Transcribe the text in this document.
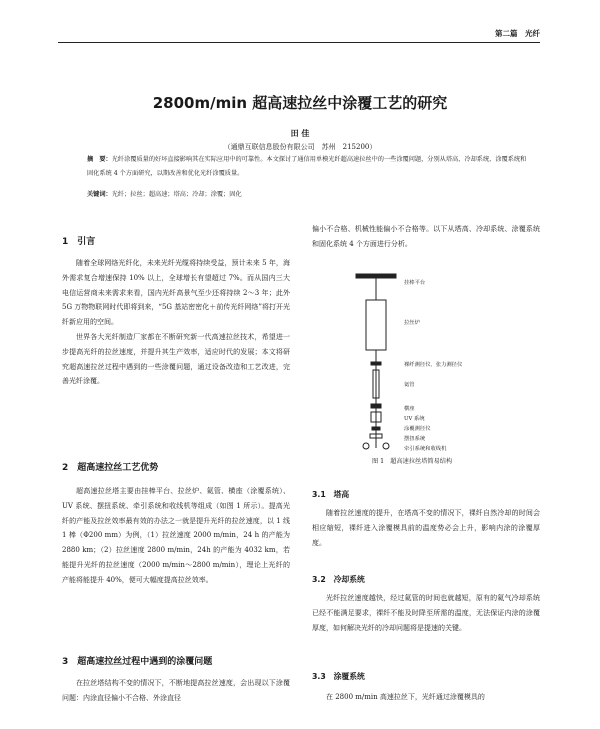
第二篇　光纤
2800m/min 超高速拉丝中涂覆工艺的研究
田 佳
（通鼎互联信息股份有限公司　苏州　215200）
摘　要：光纤涂覆质量的好坏直接影响其在实际应用中的可靠性。本文探讨了通信用单模光纤超高速拉丝中的一些涂覆问题，分别从塔高、冷却系统、涂覆系统和固化系统 4 个方面研究，以期改善和优化光纤涂覆质量。
关键词：光纤；拉丝；超高速；塔高；冷却；涂覆；固化
1　引言

随着全球网络光纤化，未来光纤光缆将持续受益，预计未来 5 年，海外需求复合增速保持 10% 以上，全球增长有望超过 7%。而从国内三大电信运营商未来需求来看，国内光纤高景气至少还将持续 2～3 年；此外 5G 万物物联网时代即将到来，“5G 基站密密化＋前传光纤网络”将打开光纤新应用的空间。

世界各大光纤制造厂家都在不断研究新一代高速拉丝技术，希望进一步提高光纤的拉丝速度，并提升其生产效率，适应时代的发展；本文将研究超高速拉丝过程中遇到的一些涂覆问题，通过设备改造和工艺改进，完善光纤涂覆。

2　超高速拉丝工艺优势

超高速拉丝塔主要由挂棒平台、拉丝炉、氦管、横座（涂覆系统）、UV 系统、摆扭系统、牵引系统和收线机等组成（如图 1 所示）。提高光纤的产能及拉丝效率最有效的办法之一就是提升光纤的拉丝速度，以 1 线 1 棒（Φ200 mm）为例，（1）拉丝速度 2000 m/min，24 h 的产能为 2880 km；（2）拉丝速度 2800 m/min，24h 的产能为 4032 km，若能提升光纤的拉丝速度（2000 m/min～2800 m/min），理论上光纤的产能将能提升 40%，便可大幅度提高拉丝效率。

3　超高速拉丝过程中遇到的涂覆问题

在拉丝塔结构不变的情况下，不断地提高拉丝速度，会出现以下涂覆问题：内涂直径偏小不合格、外涂直径

偏小不合格、机械性能偏小不合格等。以下从塔高、冷却系统、涂覆系统和固化系统 4 个方面进行分析。

挂棒平台
拉丝炉
裸纤测径仪、张力测径仪
氦管
横座
UV 系统
涂覆测径仪
摆扭系统
牵引系统和收线机
图 1　超高速拉丝塔简易结构
3.1　塔高

随着拉丝速度的提升，在塔高不变的情况下，裸纤自然冷却的时间会相应缩短，裸纤进入涂覆模具前的温度势必会上升，影响内涂的涂覆厚度。

3.2　冷却系统

光纤拉丝速度越快，经过氦管的时间也就越短，原有的氦气冷却系统已经不能满足要求，裸纤不能及时降至所需的温度，无法保证内涂的涂覆厚度，如何解决光纤的冷却问题将是提速的关键。

3.3　涂覆系统

在 2800 m/min 高速拉丝下，光纤通过涂覆模具的
